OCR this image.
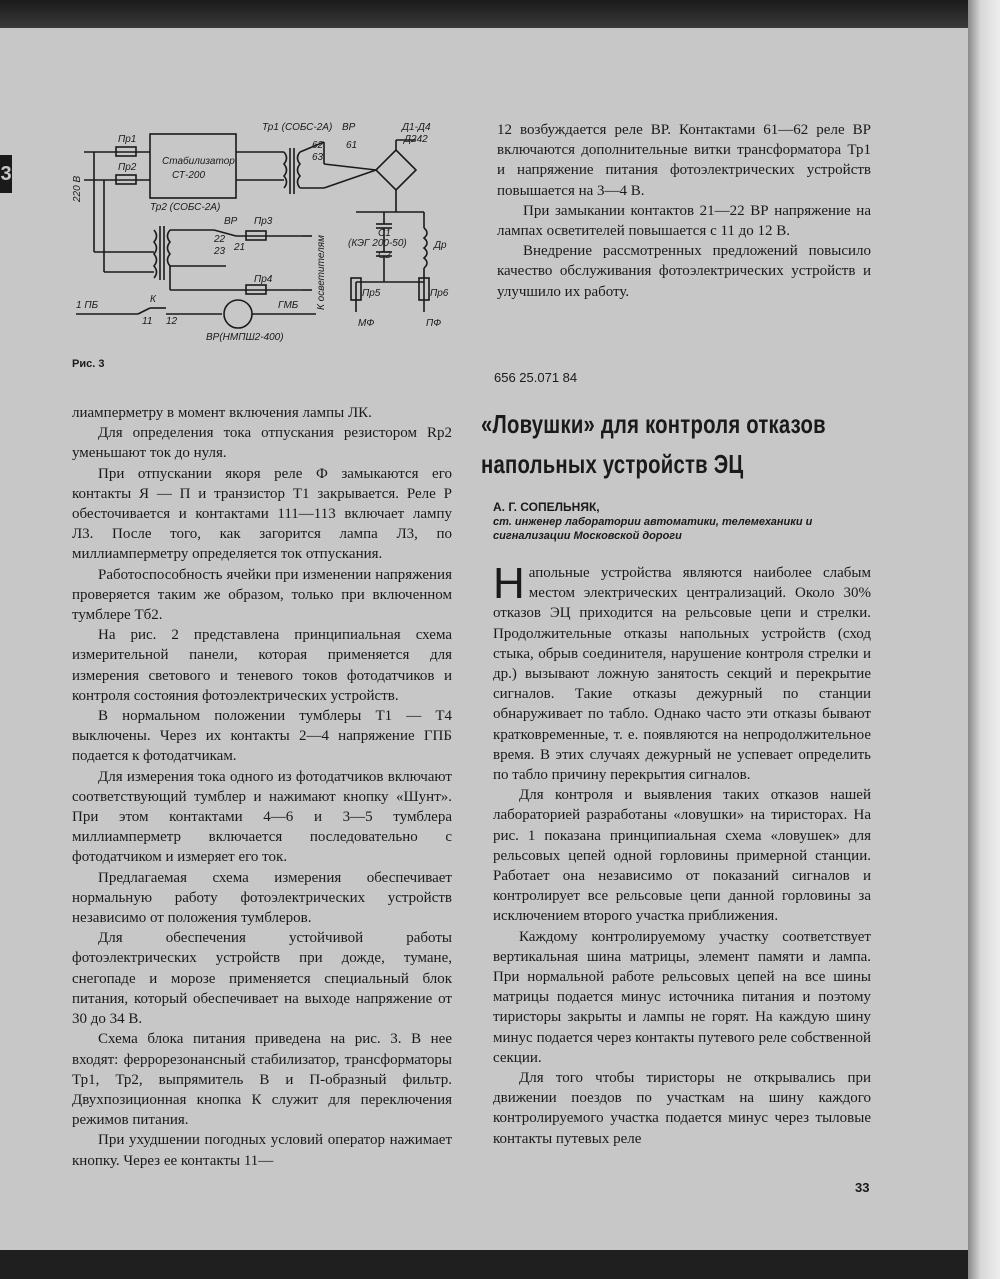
3
Пр1
Пр2
Стабилизатор
СТ-200
Тр1 (СОБС-2А) ВР
62
63
61
Д1-Д4
Д242
Тр2 (СОБС-2А)
ВР
22
23 21
Пр3
Пр4
С1
(КЭГ 200-50)
С2
Др
Пр5	Пр6
1 ПБ
К
11 12
ГМБ
ВР(НМПШ2-400)
МФ	ПФ
220 В
К осветителям
Рис. 3

лиамперметру в момент включения лампы ЛК.

Для определения тока отпускания резистором Rр2 уменьшают ток до нуля.

При отпускании якоря реле Ф замыкаются его контакты Я — П и транзистор Т1 закрывается. Реле Р обесточивается и контактами 111—113 включает лампу Л3. После того, как загорится лампа Л3, по миллиамперметру определяется ток отпускания.

Работоспособность ячейки при изменении напряжения проверяется таким же образом, только при включенном тумблере Тб2.

На рис. 2 представлена принципиальная схема измерительной панели, которая применяется для измерения светового и теневого токов фотодатчиков и контроля состояния фотоэлектрических устройств.

В нормальном положении тумблеры Т1 — Т4 выключены. Через их контакты 2—4 напряжение ГПБ подается к фотодатчикам.

Для измерения тока одного из фотодатчиков включают соответствующий тумблер и нажимают кнопку «Шунт». При этом контактами 4—6 и 3—5 тумблера миллиамперметр включается последовательно с фотодатчиком и измеряет его ток.

Предлагаемая схема измерения обеспечивает нормальную работу фотоэлектрических устройств независимо от положения тумблеров.

Для обеспечения устойчивой работы фотоэлектрических устройств при дожде, тумане, снегопаде и морозе применяется специальный блок питания, который обеспечивает на выходе напряжение от 30 до 34 В.

Схема блока питания приведена на рис. 3. В нее входят: феррорезонансный стабилизатор, трансформаторы Тр1, Тр2, выпрямитель В и П-образный фильтр. Двухпозиционная кнопка К служит для переключения режимов питания.

При ухудшении погодных условий оператор нажимает кнопку. Через ее контакты 11—

12 возбуждается реле ВР. Контактами 61—62 реле ВР включаются дополнительные витки трансформатора Тр1 и напряжение питания фотоэлектрических устройств повышается на 3—4 В.

При замыкании контактов 21—22 ВР напряжение на лампах осветителей повышается с 11 до 12 В.

Внедрение рассмотренных предложений повысило качество обслуживания фотоэлектрических устройств и улучшило их работу.

656 25.071 84
«Ловушки» для контроля отказов
напольных устройств ЭЦ
А. Г. СОПЕЛЬНЯК,
ст. инженер лаборатории автоматики, телемеханики и сигнализации Московской дороги

Напольные устройства являются наиболее слабым местом электрических централизаций. Около 30% отказов ЭЦ приходится на рельсовые цепи и стрелки. Продолжительные отказы напольных устройств (сход стыка, обрыв соединителя, нарушение контроля стрелки и др.) вызывают ложную занятость секций и перекрытие сигналов. Такие отказы дежурный по станции обнаруживает по табло. Однако часто эти отказы бывают кратковременные, т. е. появляются на непродолжительное время. В этих случаях дежурный не успевает определить по табло причину перекрытия сигналов.

Для контроля и выявления таких отказов нашей лабораторией разработаны «ловушки» на тиристорах. На рис. 1 показана принципиальная схема «ловушек» для рельсовых цепей одной горловины примерной станции. Работает она независимо от показаний сигналов и контролирует все рельсовые цепи данной горловины за исключением второго участка приближения.

Каждому контролируемому участку соответствует вертикальная шина матрицы, элемент памяти и лампа. При нормальной работе рельсовых цепей на все шины матрицы подается минус источника питания и поэтому тиристоры закрыты и лампы не горят. На каждую шину минус подается через контакты путевого реле собственной секции.

Для того чтобы тиристоры не открывались при движении поездов по участкам на шину каждого контролируемого участка подается минус через тыловые контакты путевых реле

33
